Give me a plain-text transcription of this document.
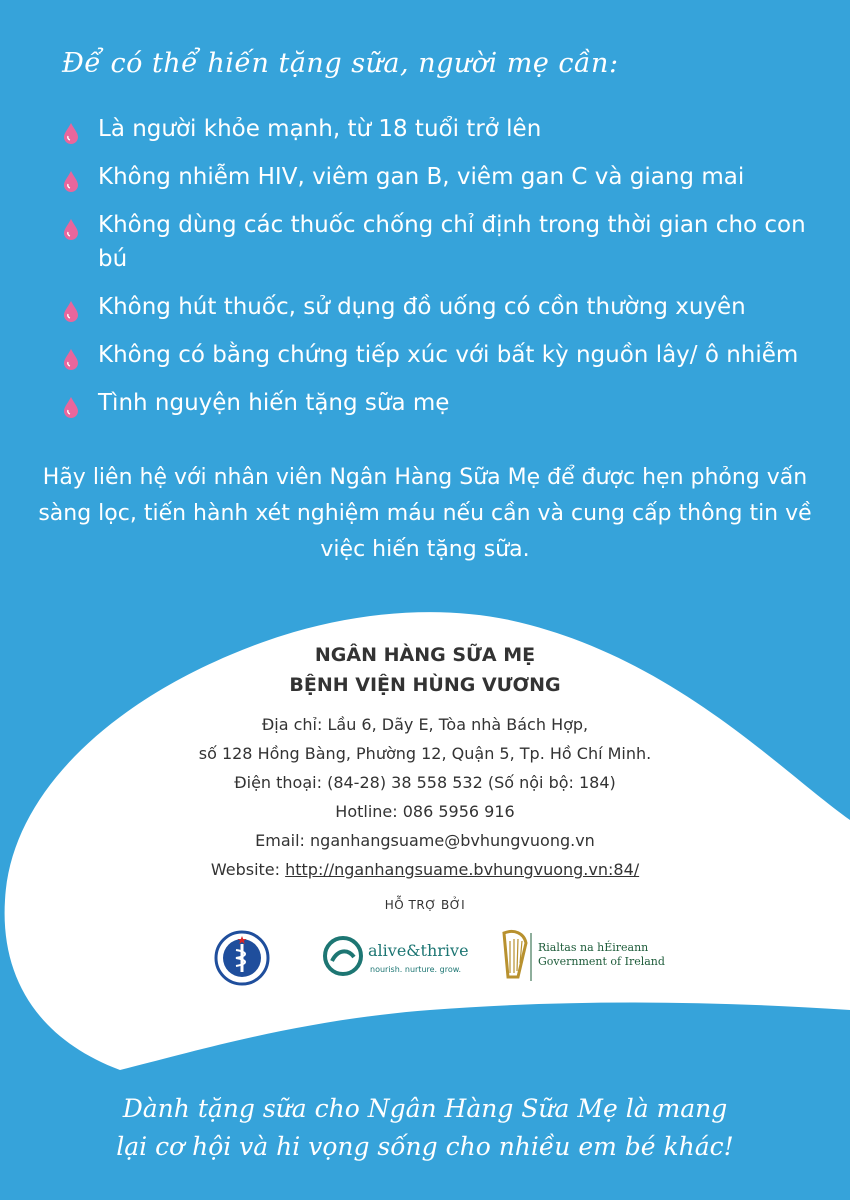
Để có thể hiến tặng sữa, người mẹ cần:
Là người khỏe mạnh, từ 18 tuổi trở lên
Không nhiễm HIV, viêm gan B, viêm gan C và giang mai
Không dùng các thuốc chống chỉ định trong thời gian cho con bú
Không hút thuốc, sử dụng đồ uống có cồn thường xuyên
Không có bằng chứng tiếp xúc với bất kỳ nguồn lây/ ô nhiễm
Tình nguyện hiến tặng sữa mẹ

Hãy liên hệ với nhân viên Ngân Hàng Sữa Mẹ để được hẹn phỏng vấn sàng lọc, tiến hành xét nghiệm máu nếu cần và cung cấp thông tin về việc hiến tặng sữa.

NGÂN HÀNG SỮA MẸ

BỆNH VIỆN HÙNG VƯƠNG

Địa chỉ: Lầu 6, Dãy E, Tòa nhà Bách Hợp,

số 128 Hồng Bàng, Phường 12, Quận 5, Tp. Hồ Chí Minh.

Điện thoại: (84-28) 38 558 532 (Số nội bộ: 184)

Hotline: 086 5956 916

Email: nganhangsuame@bvhungvuong.vn

Website: http://nganhangsuame.bvhungvuong.vn:84/

HỖ TRỢ BỞI

alive&thrive
nourish. nurture. grow.
Rialtas na hÉireann
Government of Ireland

Dành tặng sữa cho Ngân Hàng Sữa Mẹ là mang
lại cơ hội và hi vọng sống cho nhiều em bé khác!
